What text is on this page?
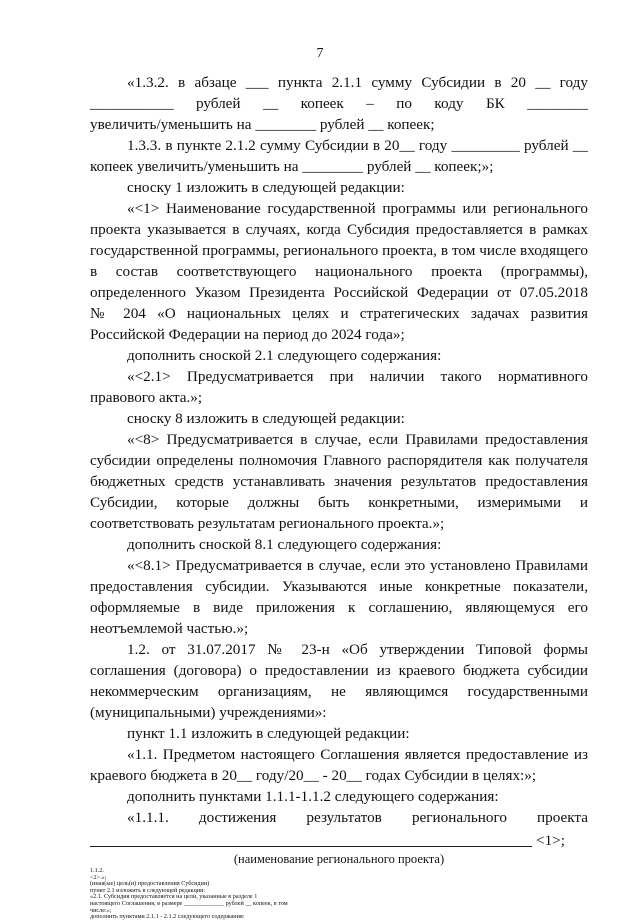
7
«1.3.2. в абзаце ___ пункта 2.1.1 сумму Субсидии в 20 __ году
___________ рублей __ копеек – по коду БК ________
увеличить/уменьшить на ________ рублей __ копеек;
1.3.3. в пункте 2.1.2 сумму Субсидии в 20__ году _________ рублей __
копеек увеличить/уменьшить на ________ рублей __ копеек;»;
сноску 1 изложить в следующей редакции:
«<1> Наименование государственной программы или регионального
проекта указывается в случаях, когда Субсидия предоставляется в рамках
государственной программы, регионального проекта, в том числе входящего
в состав соответствующего национального проекта (программы),
определенного Указом Президента Российской Федерации от 07.05.2018
№ 204 «О национальных целях и стратегических задачах развития
Российской Федерации на период до 2024 года»;
дополнить сноской 2.1 следующего содержания:
«<2.1> Предусматривается при наличии такого нормативного
правового акта.»;
сноску 8 изложить в следующей редакции:
«<8> Предусматривается в случае, если Правилами предоставления
субсидии определены полномочия Главного распорядителя как получателя
бюджетных средств устанавливать значения результатов предоставления
Субсидии, которые должны быть конкретными, измеримыми и
соответствовать результатам регионального проекта.»;
дополнить сноской 8.1 следующего содержания:
«<8.1> Предусматривается в случае, если это установлено Правилами
предоставления субсидии. Указываются иные конкретные показатели,
оформляемые в виде приложения к соглашению, являющемуся его
неотъемлемой частью.»;
1.2. от 31.07.2017 № 23-н «Об утверждении Типовой формы
соглашения (договора) о предоставлении из краевого бюджета субсидии
некоммерческим организациям, не являющимся государственными
(муниципальными) учреждениями»:
пункт 1.1 изложить в следующей редакции:
«1.1. Предметом настоящего Соглашения является предоставление из
краевого бюджета в 20__ году/20__ - 20__ годах Субсидии в целях:»;
дополнить пунктами 1.1.1-1.1.2 следующего содержания:
«1.1.1. достижения результатов регионального проекта
<1>;
(наименование регионального проекта)
1.1.2.
<2>.»;
(иная(ые) цель(и) предоставления Субсидии)
пункт 2.1 изложить в следующей редакции:
«2.1. Субсидия предоставляется на цели, указанные в разделе 1
настоящего Соглашения, в размере _____________ рублей __ копеек, в том
числе:»;
дополнить пунктами 2.1.1 - 2.1.2 следующего содержания:
